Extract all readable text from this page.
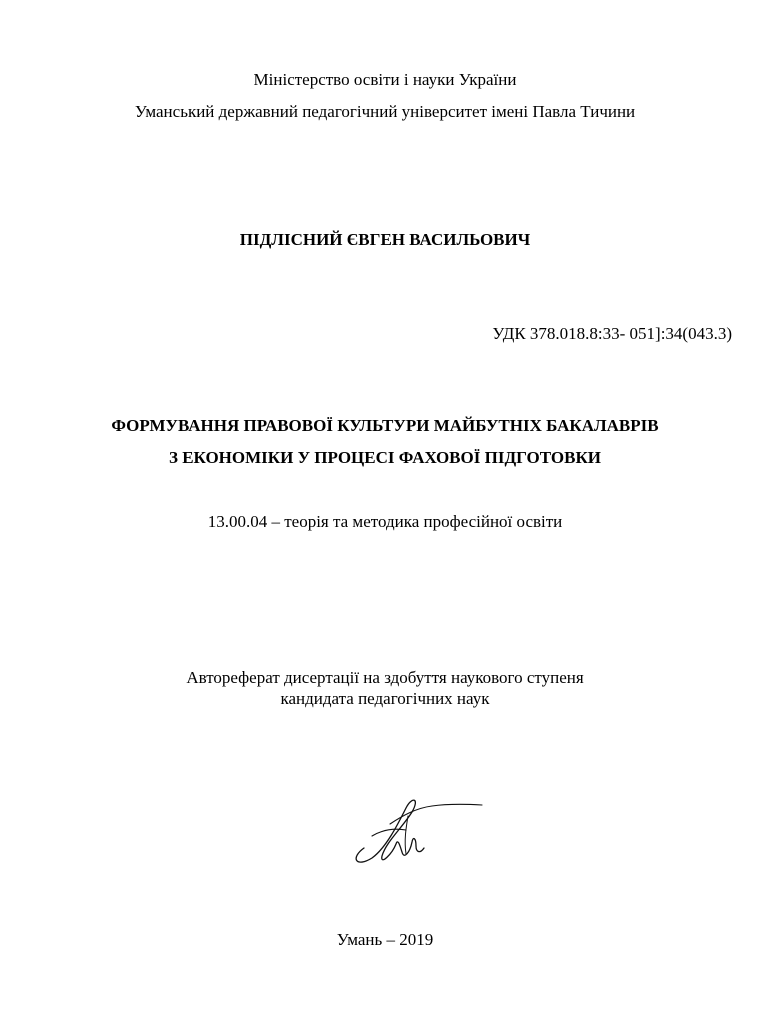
Міністерство освіти і науки України
Уманський державний педагогічний університет імені Павла Тичини
ПІДЛІСНИЙ ЄВГЕН ВАСИЛЬОВИЧ
УДК 378.018.8:33- 051]:34(043.3)
ФОРМУВАННЯ ПРАВОВОЇ КУЛЬТУРИ МАЙБУТНІХ БАКАЛАВРІВ
З ЕКОНОМІКИ У ПРОЦЕСІ ФАХОВОЇ ПІДГОТОВКИ
13.00.04 – теорія та методика професійної освіти
Автореферат дисертації на здобуття наукового ступеня
кандидата педагогічних наук
Умань – 2019
